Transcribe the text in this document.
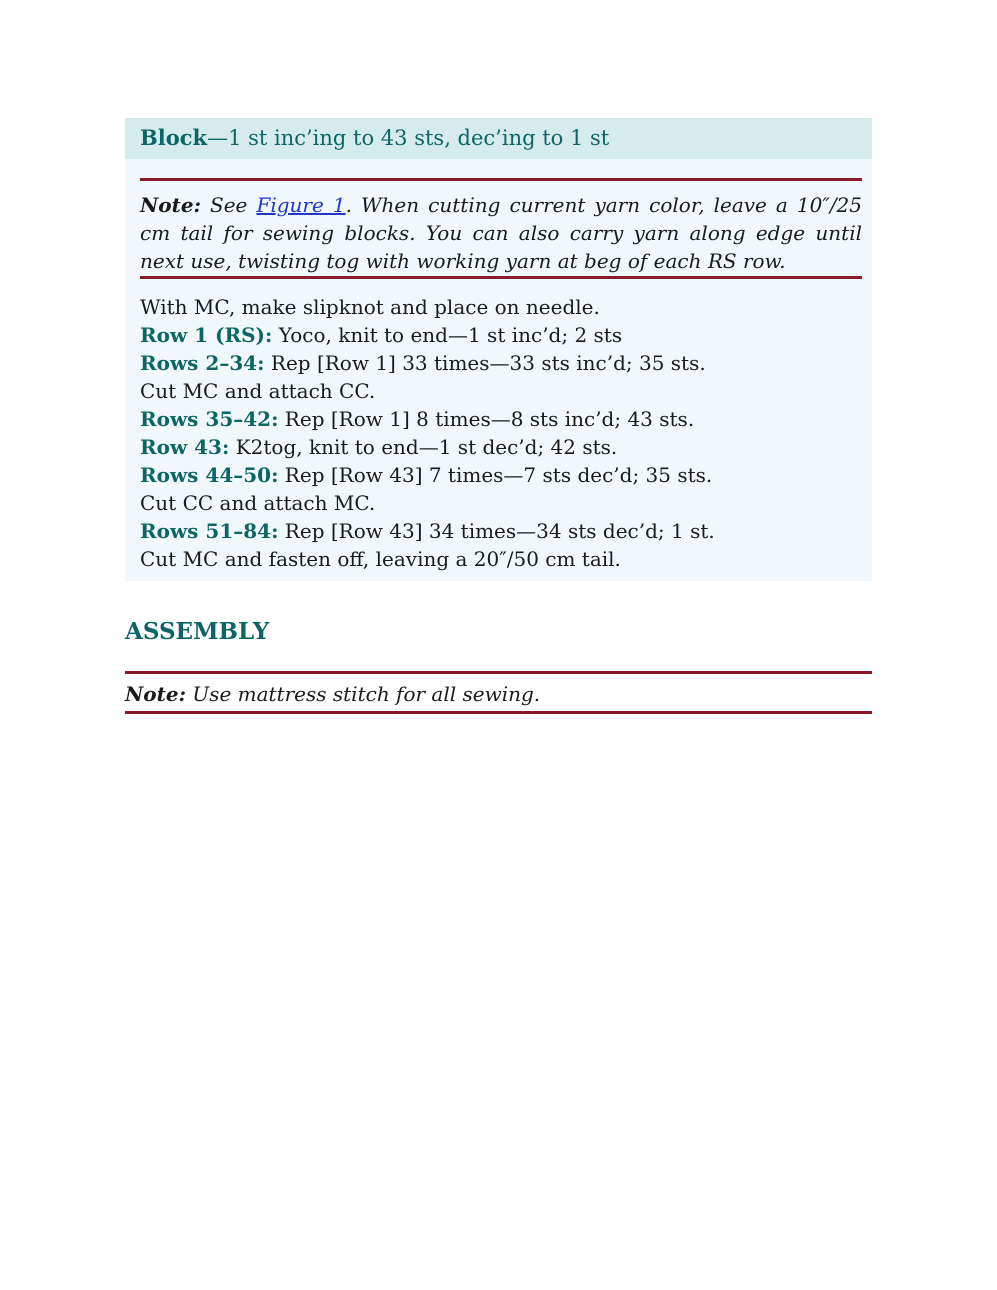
Block—1 st inc’ing to 43 sts, dec’ing to 1 st
Note: See Figure 1. When cutting current yarn color, leave a 10″/25 cm tail for sewing blocks. You can also carry yarn along edge until next use, twisting tog with working yarn at beg of each RS row.
With MC, make slipknot and place on needle.
Row 1 (RS): Yoco, knit to end—1 st inc’d; 2 sts
Rows 2–34: Rep [Row 1] 33 times—33 sts inc’d; 35 sts.
Cut MC and attach CC.
Rows 35–42: Rep [Row 1] 8 times—8 sts inc’d; 43 sts.
Row 43: K2tog, knit to end—1 st dec’d; 42 sts.
Rows 44–50: Rep [Row 43] 7 times—7 sts dec’d; 35 sts.
Cut CC and attach MC.
Rows 51–84: Rep [Row 43] 34 times—34 sts dec’d; 1 st.
Cut MC and fasten off, leaving a 20″/50 cm tail.
ASSEMBLY
Note: Use mattress stitch for all sewing.
